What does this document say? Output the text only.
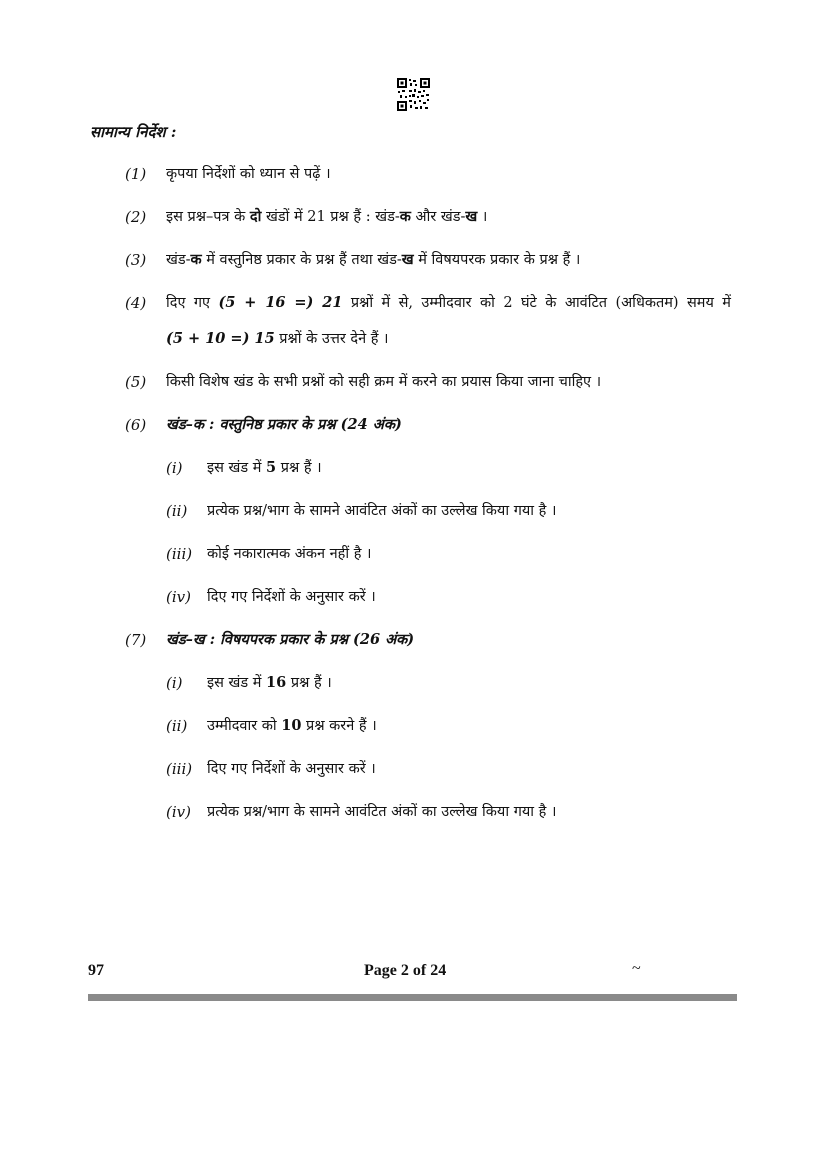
सामान्य निर्देश :
(1) कृपया निर्देशों को ध्यान से पढ़ें ।
(2) इस प्रश्न–पत्र के दो खंडों में 21 प्रश्न हैं : खंड-क और खंड-ख ।
(3) खंड-क में वस्तुनिष्ठ प्रकार के प्रश्न हैं तथा खंड-ख में विषयपरक प्रकार के प्रश्न हैं ।
(4) दिए गए (5 + 16 =) 21 प्रश्नों में से, उम्मीदवार को 2 घंटे के आवंटित (अधिकतम) समय में
(5 + 10 =) 15 प्रश्नों के उत्तर देने हैं ।
(5) किसी विशेष खंड के सभी प्रश्नों को सही क्रम में करने का प्रयास किया जाना चाहिए ।
(6) खंड–क : वस्तुनिष्ठ प्रकार के प्रश्न (24 अंक)
(i) इस खंड में 5 प्रश्न हैं ।
(ii) प्रत्येक प्रश्न/भाग के सामने आवंटित अंकों का उल्लेख किया गया है ।
(iii) कोई नकारात्मक अंकन नहीं है ।
(iv) दिए गए निर्देशों के अनुसार करें ।
(7) खंड–ख : विषयपरक प्रकार के प्रश्न (26 अंक)
(i) इस खंड में 16 प्रश्न हैं ।
(ii) उम्मीदवार को 10 प्रश्न करने हैं ।
(iii) दिए गए निर्देशों के अनुसार करें ।
(iv) प्रत्येक प्रश्न/भाग के सामने आवंटित अंकों का उल्लेख किया गया है ।
97	Page 2 of 24	~
